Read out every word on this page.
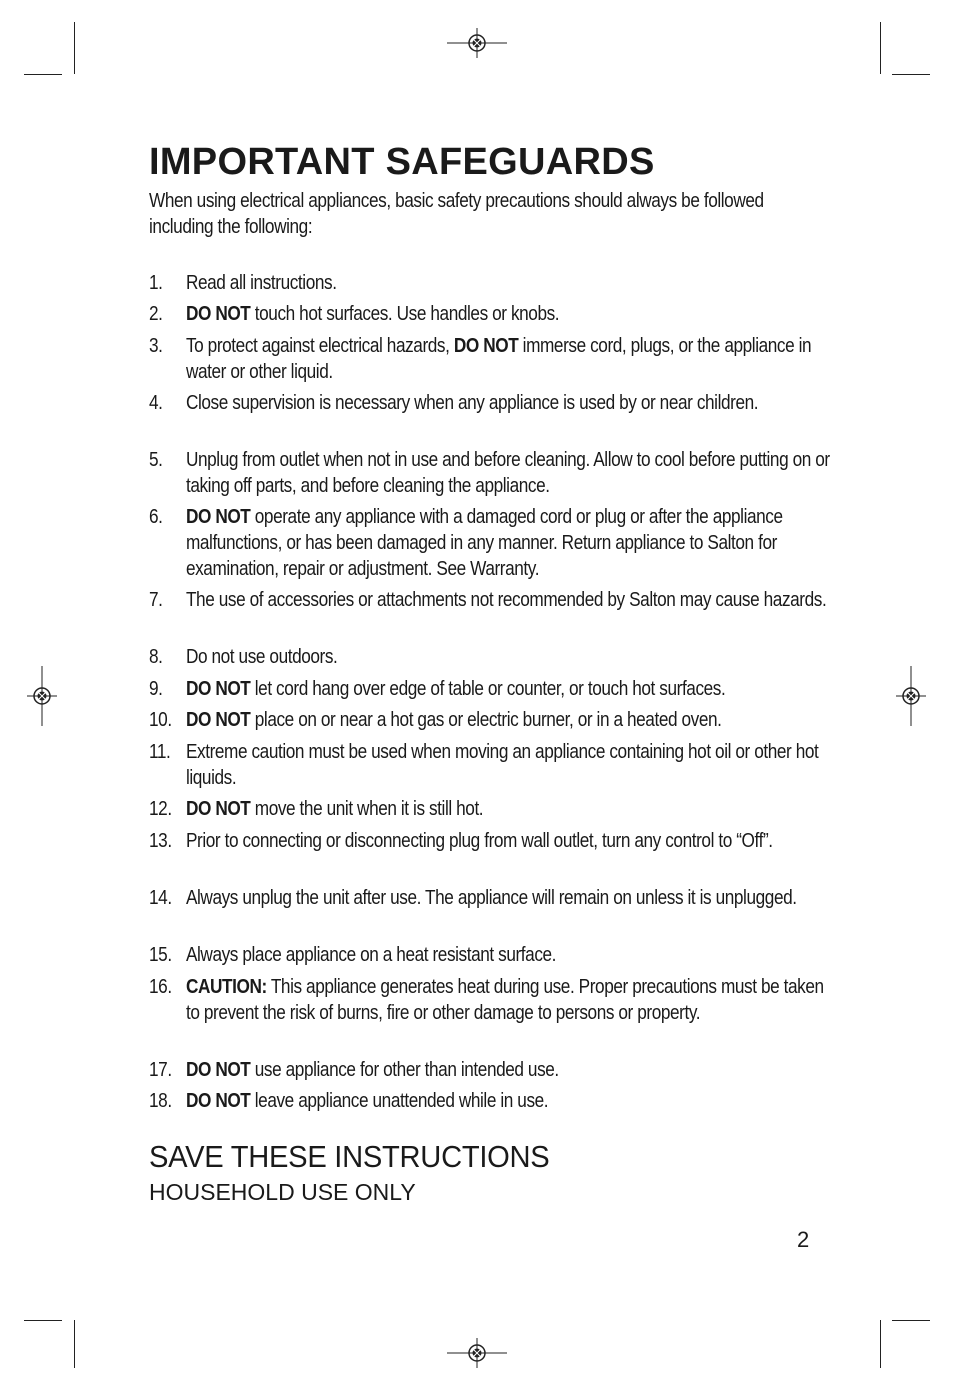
IMPORTANT SAFEGUARDS

When using electrical appliances, basic safety precautions should always be followed including the following:

1. Read all instructions.
2. DO NOT touch hot surfaces. Use handles or knobs.
3. To protect against electrical hazards, DO NOT immerse cord, plugs, or the appliance in water or other liquid.
4. Close supervision is necessary when any appliance is used by or near children.
5. Unplug from outlet when not in use and before cleaning. Allow to cool before putting on or taking off parts, and before cleaning the appliance.
6. DO NOT operate any appliance with a damaged cord or plug or after the appliance malfunctions, or has been damaged in any manner. Return appliance to Salton for examination, repair or adjustment. See Warranty.
7. The use of accessories or attachments not recommended by Salton may cause hazards.
8. Do not use outdoors.
9. DO NOT let cord hang over edge of table or counter, or touch hot surfaces.
10. DO NOT place on or near a hot gas or electric burner, or in a heated oven.
11. Extreme caution must be used when moving an appliance containing hot oil or other hot liquids.
12. DO NOT move the unit when it is still hot.
13. Prior to connecting or disconnecting plug from wall outlet, turn any control to “Off”.
14. Always unplug the unit after use. The appliance will remain on unless it is unplugged.
15. Always place appliance on a heat resistant surface.
16. CAUTION: This appliance generates heat during use. Proper precautions must be taken to prevent the risk of burns, fire or other damage to persons or property.
17. DO NOT use appliance for other than intended use.
18. DO NOT leave appliance unattended while in use.
SAVE THESE INSTRUCTIONS
HOUSEHOLD USE ONLY
2
